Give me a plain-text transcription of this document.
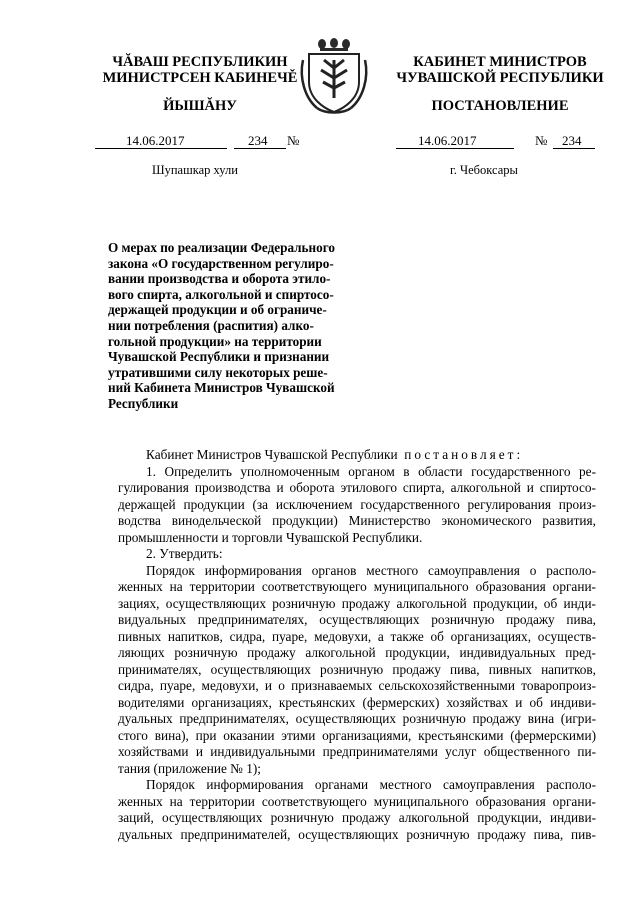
ЧĂВАШ РЕСПУБЛИКИН
МИНИСТРСЕН КАБИНЕЧĚ
ЙЫШĂНУ
КАБИНЕТ МИНИСТРОВ
ЧУВАШСКОЙ РЕСПУБЛИКИ
ПОСТАНОВЛЕНИЕ
14.06.2017	234 №	14.06.2017	№ 234
Шупашкар хули	г. Чебоксары
О мерах по реализации Федерального
закона «О государственном регулиро-
вании производства и оборота этило-
вого спирта, алкогольной и спиртосо-
держащей продукции и об ограниче-
нии потребления (распития) алко-
гольной продукции» на территории
Чувашской Республики и признании
утратившими силу некоторых реше-
ний Кабинета Министров Чувашской
Республики

Кабинет Министров Чувашской Республики постановляет:

1. Определить уполномоченным органом в области государственного ре-
гулирования производства и оборота этилового спирта, алкогольной и спиртосо-
держащей продукции (за исключением государственного регулирования произ-
водства винодельческой продукции) Министерство экономического развития,
промышленности и торговли Чувашской Республики.

2. Утвердить:

Порядок информирования органов местного самоуправления о располо-
женных на территории соответствующего муниципального образования органи-
зациях, осуществляющих розничную продажу алкогольной продукции, об инди-
видуальных предпринимателях, осуществляющих розничную продажу пива,
пивных напитков, сидра, пуаре, медовухи, а также об организациях, осуществ-
ляющих розничную продажу алкогольной продукции, индивидуальных пред-
принимателях, осуществляющих розничную продажу пива, пивных напитков,
сидра, пуаре, медовухи, и о признаваемых сельскохозяйственными товаропроиз-
водителями организациях, крестьянских (фермерских) хозяйствах и об индиви-
дуальных предпринимателях, осуществляющих розничную продажу вина (игри-
стого вина), при оказании этими организациями, крестьянскими (фермерскими)
хозяйствами и индивидуальными предпринимателями услуг общественного пи-
тания (приложение № 1);
Порядок информирования органами местного самоуправления располо-
женных на территории соответствующего муниципального образования органи-
заций, осуществляющих розничную продажу алкогольной продукции, индиви-
дуальных предпринимателей, осуществляющих розничную продажу пива, пив-
